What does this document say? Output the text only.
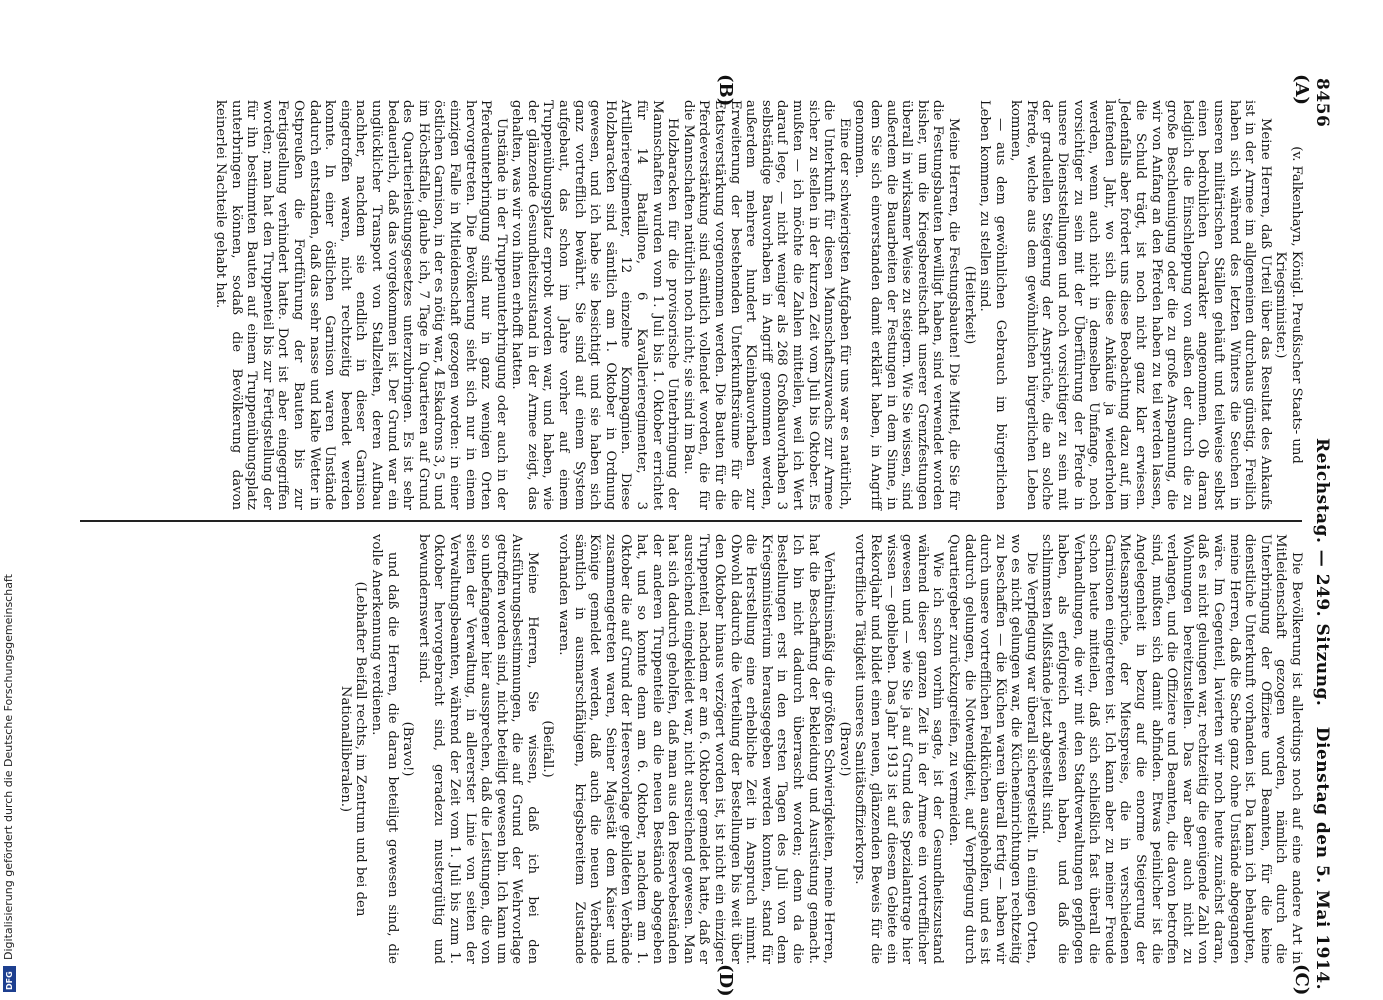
8456
Reichstag. — 249. Sitzung.
Dienstag den 5. Mai 1914.

(v. Falkenhayn, Königl. Preußischer Staats- und Kriegsminister.)

Meine Herren, daß Urteil über das Resultat des Ankaufs ist in der Armee im allgemeinen durchaus günstig. Freilich haben sich während des letzten Winters die Seuchen in unseren militärischen Ställen gehäuft und teilweise selbst einen bedrohlichen Charakter angenommen. Ob daran lediglich die Einschleppung von außen der durch die zu große Beschleunigung oder die zu große Anspannung, die wir von Anfang an den Pferden haben zu teil werden lassen, die Schuld trägt, ist noch nicht ganz klar erwiesen. Jedenfalls aber fordert uns diese Beobachtung dazu auf, im laufenden Jahr, wo sich diese Ankäufe ja wiederholen werden, wenn auch nicht in demselben Umfange, noch vorsichtiger zu sein mit der Überführung der Pferde in unsere Dienststellungen und noch vorsichtiger zu sein mit der graduellen Steigerung der Ansprüche, die an solche Pferde, welche aus dem gewöhnlichen bürgerlichen Leben kommen,

— aus dem gewöhnlichen Gebrauch im bürgerlichen Leben kommen, zu stellen sind.

(Heiterkeit)

Meine Herren, die Festungsbauten! Die Mittel, die Sie für die Festungsbauten bewilligt haben, sind verwendet worden bisher, um die Kriegsbereitschaft unserer Grenzfestungen überall in wirksamer Weise zu steigern. Wie Sie wissen, sind außerdem die Bauarbeiten der Festungen in dem Sinne, in dem Sie sich einverstanden damit erklärt haben, in Angriff genommen.

Eine der schwierigsten Aufgaben für uns war es natürlich, die Unterkunft für diesen Mannschaftszuwachs zur Armee sicher zu stellen in der kurzen Zeit vom Juli bis Oktober. Es mußten — ich möchte die Zahlen mitteilen, weil ich Wert darauf lege, — nicht weniger als 268 Großbauvorhaben 3 selbständige Bauvorhaben in Angriff genommen werden, außerdem mehrere hundert Kleinbauvorhaben zur Erweiterung der bestehenden Unterkunftsräume für die Etatsverstärkung vorgenommen werden. Die Bauten für die Pferdeverstärkung sind sämtlich vollendet worden, die für die Mannschaften natürlich noch nicht; sie sind im Bau.

Holzbaracken für die provisorische Unterbringung der Mannschaften wurden vom 1. Juli bis 1. Oktober errichtet für 14 Bataillone, 6 Kavallerieregimenter, 3 Artillerieregimenter, 12 einzelne Kompagnien. Diese Holzbaracken sind sämtlich am 1. Oktober in Ordnung gewesen, und ich habe sie besichtigt und sie haben sich ganz vortrefflich bewährt. Sie sind auf einem System aufgebaut, das schon im Jahre vorher auf einem Truppenübungsplatz erprobt worden war, und haben, wie der glänzende Gesundheitszustand in der Armee zeigt, das gehalten, was wir von ihnen erhofft hatten.

Unstände in der Truppenunterbringung oder auch in der Pferdeunterbringung sind nur in ganz wenigen Orten hervorgetreten. Die Bevölkerung sieht sich nur in einem einzigen Falle in Mitleidenschaft gezogen worden: in einer östlichen Garnison, in der es nötig war, 4 Eskadrons 3, 5 und im Höchstfalle, glaube ich, 7 Tage in Quartieren auf Grund des Quartierleistungsgesetzes unterzubringen. Es ist sehr bedauerlich, daß das vorgekommen ist. Der Grund war ein unglücklicher Transport von Stallzelten, deren Aufbau nachher, nachdem sie endlich in dieser Garnison eingetroffen waren, nicht rechtzeitig beendet werden konnte. In einer östlichen Garnison waren Unstände dadurch entstanden, daß das sehr nasse und kalte Wetter in Ostpreußen die Fortführung der Bauten bis zur Fertigstellung verhindert hatte. Dort ist aber eingegriffen worden; man hat den Truppenteil bis zur Fertigstellung der für ihn bestimmten Bauten auf einem Truppenübungsplatz unterbringen können, sodaß die Bevölkerung davon keinerlei Nachteile gehabt hat.

Die Bevölkerung ist allerdings noch auf eine andere Art in Mitleidenschaft gezogen worden, nämlich durch die Unterbringung der Offiziere und Beamten, für die keine dienstliche Unterkunft vorhanden ist. Da kann ich behaupten, meine Herren, daß die Sache ganz ohne Unstände abgegangen wäre. Im Gegenteil, lavierten wir noch heute zunächst daran, daß es nicht gelungen war, rechtzeitig die genügende Zahl von Wohnungen bereitzustellen. Das war aber auch nicht zu verlangen, und die Offiziere und Beamten, die davon betroffen sind, mußten sich damit abfinden. Etwas peinlicher ist die Angelegenheit in bezug auf die enorme Steigerung der Mietsansprüche, der Mietspreise, die in verschiedenen Garnisonen eingetreten ist. Ich kann aber zu meiner Freude schon heute mitteilen, daß sich schließlich fast überall die Verhandlungen, die wir mit den Stadtverwaltungen gepflogen haben, als erfolgreich erwiesen haben, und daß die schlimmsten Mißstände jetzt abgestellt sind.

Die Verpflegung war überall sichergestellt. In einigen Orten, wo es nicht gelungen war, die Kücheneinrichtungen rechtzeitig zu beschaffen — die Küchen waren überall fertig — haben wir durch unsere vortrefflichen Feldküchen ausgeholfen, und es ist dadurch gelungen, die Notwendigkeit, auf Verpflegung durch Quartiergeber zurückzugreifen, zu vermeiden.

Wie ich schon vorhin sagte, ist der Gesundheitszustand während dieser ganzen Zeit in der Armee ein vortrefflicher gewesen und — wie Sie ja auf Grund des Spezialantrage hier wissen — geblieben. Das Jahr 1913 ist auf diesem Gebiete ein Rekordjahr und bildet einen neuen, glänzenden Beweis für die vortreffliche Tätigkeit unseres Sanitätsoffizierkorps.

(Bravo!)

Verhältnismäßig die größten Schwierigkeiten, meine Herren, hat die Beschaffung der Bekleidung und Ausrüstung gemacht. Ich bin nicht dadurch überrascht worden; denn da die Bestellungen erst in den ersten Tagen des Juli von dem Kriegsministerium herausgegeben werden konnten, stand für die Herstellung eine erhebliche Zeit in Anspruch nimmt. Obwohl dadurch die Verteilung der Bestellungen bis weit über den Oktober hinaus verzögert worden ist, ist nicht ein einziger Truppenteil, nachdem er am 6. Oktober gemeldet hatte, daß er ausreichend eingekleidet war, nicht ausreichend gewesen. Man hat sich dadurch geholfen, daß man aus den Reservebeständen der anderen Truppenteile an die neuen Bestände abgegeben hat, und so konnte denn am 6. Oktober, nachdem am 1. Oktober die auf Grund der Heeresvorlage gebildeten Verbände zusammengetreten waren, Seiner Majestät dem Kaiser und Könige gemeldet werden, daß auch die neuen Verbände sämtlich in ausmarschfähigem, kriegsbereitem Zustande vorhanden waren.

(Beifall.)

Meine Herren, Sie wissen, daß ich bei den Ausführungsbestimmungen, die auf Grund der Wehrvorlage getroffen worden sind, nicht beteiligt gewesen bin. Ich kann um so unbefangener hier aussprechen, daß die Leistungen, die von seiten der Verwaltung, in allererster Linie von seiten der Verwaltungsbeamten, während der Zeit vom 1. Juli bis zum 1. Oktober hervorgebracht sind, geradezu mustergültig und bewundernswert sind.

(Bravo!)

und daß die Herren, die daran beteiligt gewesen sind, die volle Anerkennung verdienen.

(Lebhafter Beifall rechts, im Zentrum und bei den Nationalliberalen.)

(A)
(B)
(C)
(D)
Digitalisierung gefördert durch die Deutsche Forschungsgemeinschaft
DFG
